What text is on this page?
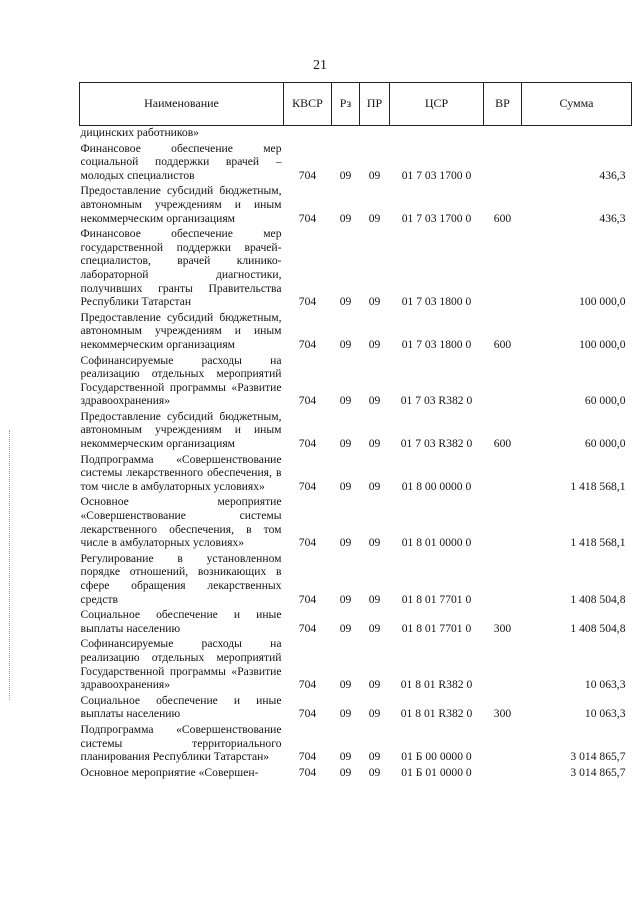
21
Наименование	КВСР	Рз	ПР	ЦСР	ВР	Сумма
дицинских работников»						
Финансовое обеспечение мер социальной поддержки врачей – молодых специалистов	704	09	09	01 7 03 1700 0		436,3
Предоставление субсидий бюджетным, автономным учреждениям и иным некоммерческим организациям	704	09	09	01 7 03 1700 0	600	436,3
Финансовое обеспечение мер государственной поддержки врачей-специалистов, врачей клинико-лабораторной диагностики, получивших гранты Правительства Республики Татарстан	704	09	09	01 7 03 1800 0		100 000,0
Предоставление субсидий бюджетным, автономным учреждениям и иным некоммерческим организациям	704	09	09	01 7 03 1800 0	600	100 000,0
Софинансируемые расходы на реализацию отдельных мероприятий Государственной программы «Развитие здравоохранения»	704	09	09	01 7 03 R382 0		60 000,0
Предоставление субсидий бюджетным, автономным учреждениям и иным некоммерческим организациям	704	09	09	01 7 03 R382 0	600	60 000,0
Подпрограмма «Совершенствование системы лекарственного обеспечения, в том числе в амбулаторных условиях»	704	09	09	01 8 00 0000 0		1 418 568,1
Основное мероприятие «Совершенствование системы лекарственного обеспечения, в том числе в амбулаторных условиях»	704	09	09	01 8 01 0000 0		1 418 568,1
Регулирование в установленном порядке отношений, возникающих в сфере обращения лекарственных средств	704	09	09	01 8 01 7701 0		1 408 504,8
Социальное обеспечение и иные выплаты населению	704	09	09	01 8 01 7701 0	300	1 408 504,8
Софинансируемые расходы на реализацию отдельных мероприятий Государственной программы «Развитие здравоохранения»	704	09	09	01 8 01 R382 0		10 063,3
Социальное обеспечение и иные выплаты населению	704	09	09	01 8 01 R382 0	300	10 063,3
Подпрограмма «Совершенствование системы территориального планирования Республики Татарстан»	704	09	09	01 Б 00 0000 0		3 014 865,7
Основное мероприятие «Совершен-	704	09	09	01 Б 01 0000 0		3 014 865,7
